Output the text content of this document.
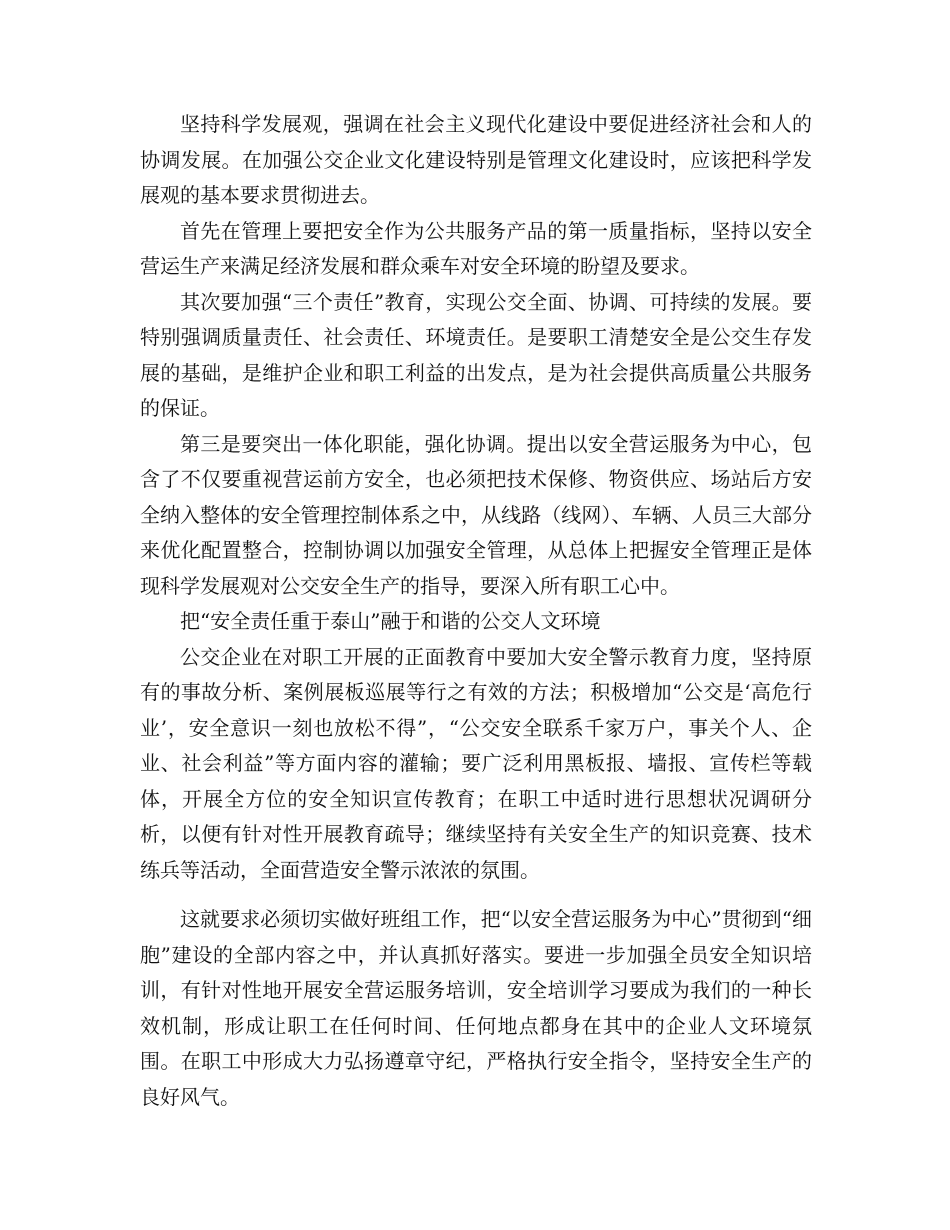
坚持科学发展观，强调在社会主义现代化建设中要促进经济社会和人的协调发展。在加强公交企业文化建设特别是管理文化建设时，应该把科学发展观的基本要求贯彻进去。

首先在管理上要把安全作为公共服务产品的第一质量指标，坚持以安全营运生产来满足经济发展和群众乘车对安全环境的盼望及要求。

其次要加强“三个责任”教育，实现公交全面、协调、可持续的发展。要特别强调质量责任、社会责任、环境责任。是要职工清楚安全是公交生存发展的基础，是维护企业和职工利益的出发点，是为社会提供高质量公共服务的保证。

第三是要突出一体化职能，强化协调。提出以安全营运服务为中心，包含了不仅要重视营运前方安全，也必须把技术保修、物资供应、场站后方安全纳入整体的安全管理控制体系之中，从线路（线网）、车辆、人员三大部分来优化配置整合，控制协调以加强安全管理，从总体上把握安全管理正是体现科学发展观对公交安全生产的指导，要深入所有职工心中。

把“安全责任重于泰山”融于和谐的公交人文环境

公交企业在对职工开展的正面教育中要加大安全警示教育力度，坚持原有的事故分析、案例展板巡展等行之有效的方法；积极增加“公交是‘高危行业’，安全意识一刻也放松不得”，“公交安全联系千家万户，事关个人、企业、社会利益”等方面内容的灌输；要广泛利用黑板报、墙报、宣传栏等载体，开展全方位的安全知识宣传教育；在职工中适时进行思想状况调研分析，以便有针对性开展教育疏导；继续坚持有关安全生产的知识竞赛、技术练兵等活动，全面营造安全警示浓浓的氛围。

这就要求必须切实做好班组工作，把“以安全营运服务为中心”贯彻到“细胞”建设的全部内容之中，并认真抓好落实。要进一步加强全员安全知识培训，有针对性地开展安全营运服务培训，安全培训学习要成为我们的一种长效机制，形成让职工在任何时间、任何地点都身在其中的企业人文环境氛围。在职工中形成大力弘扬遵章守纪，严格执行安全指令，坚持安全生产的良好风气。
